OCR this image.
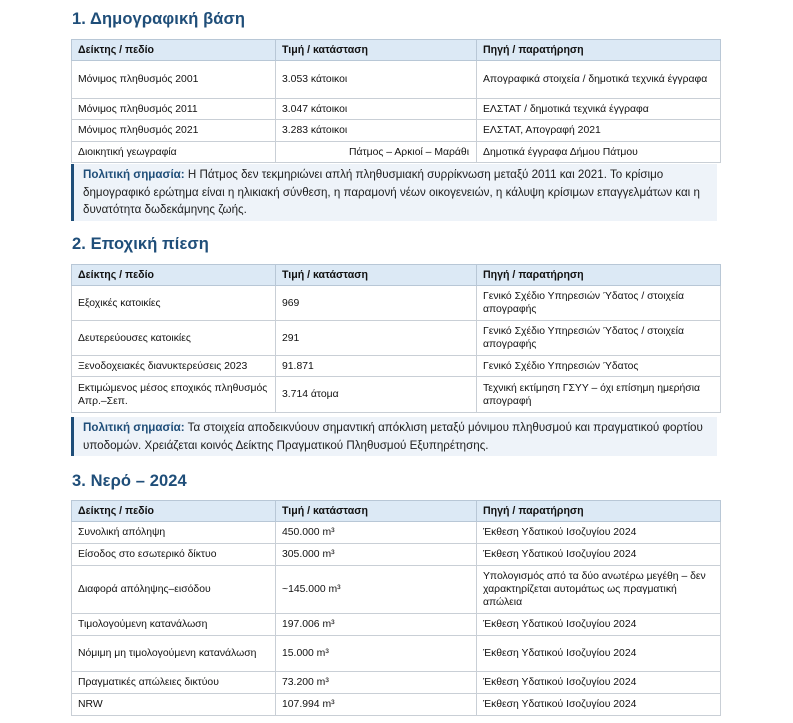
1. Δημογραφική βάση
Δείκτης / πεδίο	Τιμή / κατάσταση	Πηγή / παρατήρηση
Μόνιμος πληθυσμός 2001	3.053 κάτοικοι	Απογραφικά στοιχεία / δημοτικά τεχνικά έγγραφα
Μόνιμος πληθυσμός 2011	3.047 κάτοικοι	ΕΛΣΤΑΤ / δημοτικά τεχνικά έγγραφα
Μόνιμος πληθυσμός 2021	3.283 κάτοικοι	ΕΛΣΤΑΤ, Απογραφή 2021
Διοικητική γεωγραφία	Πάτμος – Αρκιοί – Μαράθι	Δημοτικά έγγραφα Δήμου Πάτμου
Πολιτική σημασία: Η Πάτμος δεν τεκμηριώνει απλή πληθυσμιακή συρρίκνωση μεταξύ 2011 και 2021. Το κρίσιμο δημογραφικό ερώτημα είναι η ηλικιακή σύνθεση, η παραμονή νέων οικογενειών, η κάλυψη κρίσιμων επαγγελμάτων και η δυνατότητα δωδεκάμηνης ζωής.
2. Εποχική πίεση
Δείκτης / πεδίο	Τιμή / κατάσταση	Πηγή / παρατήρηση
Εξοχικές κατοικίες	969	Γενικό Σχέδιο Υπηρεσιών Ύδατος / στοιχεία απογραφής
Δευτερεύουσες κατοικίες	291	Γενικό Σχέδιο Υπηρεσιών Ύδατος / στοιχεία απογραφής
Ξενοδοχειακές διανυκτερεύσεις 2023	91.871	Γενικό Σχέδιο Υπηρεσιών Ύδατος
Εκτιμώμενος μέσος εποχικός πληθυσμός Απρ.–Σεπ.	3.714 άτομα	Τεχνική εκτίμηση ΓΣΥΥ – όχι επίσημη ημερήσια απογραφή
Πολιτική σημασία: Τα στοιχεία αποδεικνύουν σημαντική απόκλιση μεταξύ μόνιμου πληθυσμού και πραγματικού φορτίου υποδομών. Χρειάζεται κοινός Δείκτης Πραγματικού Πληθυσμού Εξυπηρέτησης.
3. Νερό – 2024
Δείκτης / πεδίο	Τιμή / κατάσταση	Πηγή / παρατήρηση
Συνολική απόληψη	450.000 m³	Έκθεση Υδατικού Ισοζυγίου 2024
Είσοδος στο εσωτερικό δίκτυο	305.000 m³	Έκθεση Υδατικού Ισοζυγίου 2024
Διαφορά απόληψης–εισόδου	~145.000 m³	Υπολογισμός από τα δύο ανωτέρω μεγέθη – δεν χαρακτηρίζεται αυτομάτως ως πραγματική απώλεια
Τιμολογούμενη κατανάλωση	197.006 m³	Έκθεση Υδατικού Ισοζυγίου 2024
Νόμιμη μη τιμολογούμενη κατανάλωση	15.000 m³	Έκθεση Υδατικού Ισοζυγίου 2024
Πραγματικές απώλειες δικτύου	73.200 m³	Έκθεση Υδατικού Ισοζυγίου 2024
NRW	107.994 m³	Έκθεση Υδατικού Ισοζυγίου 2024
